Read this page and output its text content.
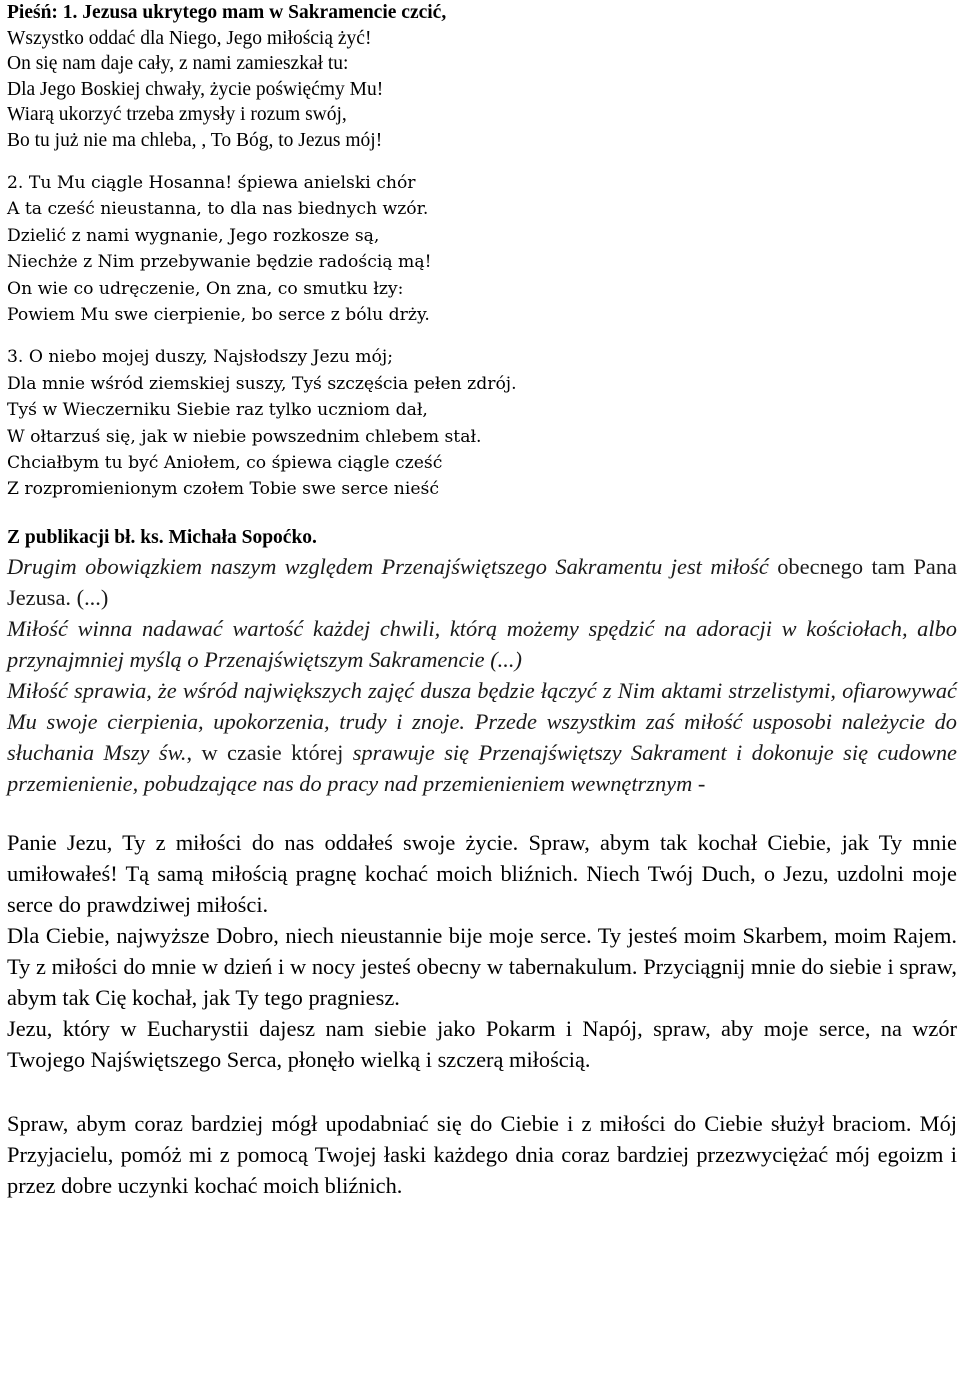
Pieśń: 1. Jezusa ukrytego mam w Sakramencie czcić,
Wszystko oddać dla Niego, Jego miłością żyć!
On się nam daje cały, z nami zamieszkał tu:
Dla Jego Boskiej chwały, życie poświęćmy Mu!
Wiarą ukorzyć trzeba zmysły i rozum swój,
Bo tu już nie ma chleba, , To Bóg, to Jezus mój!
2. Tu Mu ciągle Hosanna! śpiewa anielski chór
A ta cześć nieustanna, to dla nas biednych wzór.
Dzielić z nami wygnanie, Jego rozkosze są,
Niechże z Nim przebywanie będzie radością mą!
On wie co udręczenie, On zna, co smutku łzy:
Powiem Mu swe cierpienie, bo serce z bólu drży.
3. O niebo mojej duszy, Najsłodszy Jezu mój;
Dla mnie wśród ziemskiej suszy, Tyś szczęścia pełen zdrój.
Tyś w Wieczerniku Siebie raz tylko uczniom dał,
W ołtarzuś się, jak w niebie powszednim chlebem stał.
Chciałbym tu być Aniołem, co śpiewa ciągle cześć
Z rozpromienionym czołem Tobie swe serce nieść
Z publikacji bł. ks. Michała Sopoćko.
Drugim obowiązkiem naszym względem Przenajświętszego Sakramentu jest miłość obecnego tam Pana Jezusa. (...)
Miłość winna nadawać wartość każdej chwili, którą możemy spędzić na adoracji w kościołach, albo przynajmniej myślą o Przenajświętszym Sakramencie (...)
Miłość sprawia, że wśród największych zajęć dusza będzie łączyć z Nim aktami strzelistymi, ofiarowywać Mu swoje cierpienia, upokorzenia, trudy i znoje. Przede wszystkim zaś miłość usposobi należycie do słuchania Mszy św., w czasie której sprawuje się Przenajświętszy Sakrament i dokonuje się cudowne przemienienie, pobudzające nas do pracy nad przemienieniem wewnętrznym -

Panie Jezu, Ty z miłości do nas oddałeś swoje życie. Spraw, abym tak kochał Ciebie, jak Ty mnie umiłowałeś! Tą samą miłością pragnę kochać moich bliźnich. Niech Twój Duch, o Jezu, uzdolni moje serce do prawdziwej miłości.

Dla Ciebie, najwyższe Dobro, niech nieustannie bije moje serce. Ty jesteś moim Skarbem, moim Rajem. Ty z miłości do mnie w dzień i w nocy jesteś obecny w tabernakulum. Przyciągnij mnie do siebie i spraw, abym tak Cię kochał, jak Ty tego pragniesz.

Jezu, który w Eucharystii dajesz nam siebie jako Pokarm i Napój, spraw, aby moje serce, na wzór Twojego Najświętszego Serca, płonęło wielką i szczerą miłością.

Spraw, abym coraz bardziej mógł upodabniać się do Ciebie i z miłości do Ciebie służył braciom. Mój Przyjacielu, pomóż mi z pomocą Twojej łaski każdego dnia coraz bardziej przezwyciężać mój egoizm i przez dobre uczynki kochać moich bliźnich.
